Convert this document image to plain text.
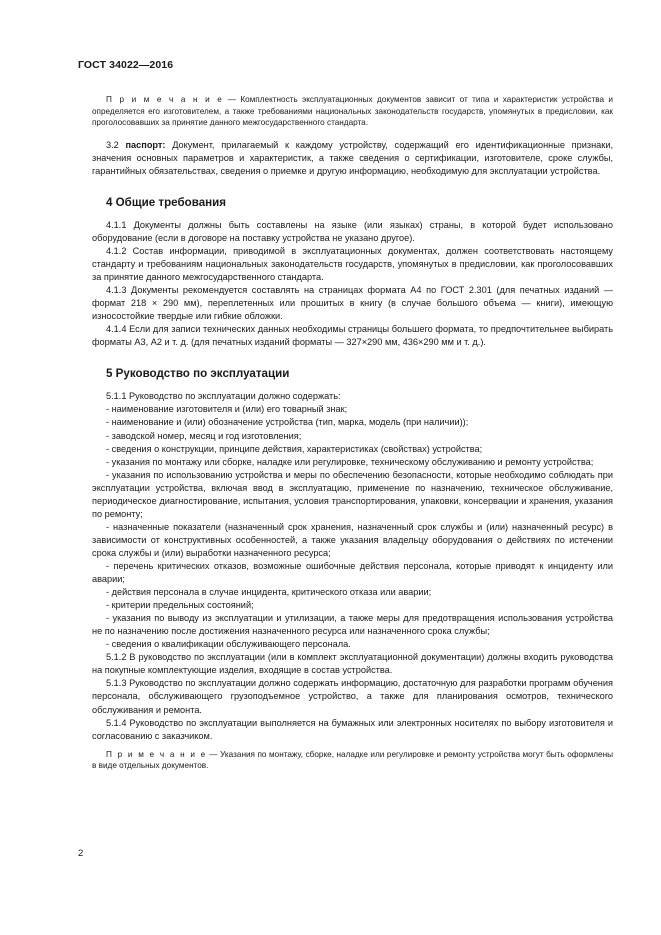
ГОСТ 34022—2016

П р и м е ч а н и е — Комплектность эксплуатационных документов зависит от типа и характеристик устройства и определяется его изготовителем, а также требованиями национальных законодательств государств, упомянутых в предисловии, как проголосовавших за принятие данного межгосударственного стандарта.

3.2 паспорт: Документ, прилагаемый к каждому устройству, содержащий его идентификационные признаки, значения основных параметров и характеристик, а также сведения о сертификации, изготовителе, сроке службы, гарантийных обязательствах, сведения о приемке и другую информацию, необходимую для эксплуатации устройства.

4 Общие требования

4.1.1 Документы должны быть составлены на языке (или языках) страны, в которой будет использовано оборудование (если в договоре на поставку устройства не указано другое).

4.1.2 Состав информации, приводимой в эксплуатационных документах, должен соответствовать настоящему стандарту и требованиям национальных законодательств государств, упомянутых в предисловии, как проголосовавших за принятие данного межгосударственного стандарта.

4.1.3 Документы рекомендуется составлять на страницах формата А4 по ГОСТ 2.301 (для печатных изданий — формат 218 × 290 мм), переплетенных или прошитых в книгу (в случае большого объема — книги), имеющую износостойкие твердые или гибкие обложки.

4.1.4 Если для записи технических данных необходимы страницы большего формата, то предпочтительнее выбирать форматы А3, А2 и т. д. (для печатных изданий форматы — 327×290 мм, 436×290 мм и т. д.).

5 Руководство по эксплуатации

5.1.1 Руководство по эксплуатации должно содержать:

- наименование изготовителя и (или) его товарный знак;

- наименование и (или) обозначение устройства (тип, марка, модель (при наличии));

- заводской номер, месяц и год изготовления;

- сведения о конструкции, принципе действия, характеристиках (свойствах) устройства;

- указания по монтажу или сборке, наладке или регулировке, техническому обслуживанию и ремонту устройства;

- указания по использованию устройства и меры по обеспечению безопасности, которые необходимо соблюдать при эксплуатации устройства, включая ввод в эксплуатацию, применение по назначению, техническое обслуживание, периодическое диагностирование, испытания, условия транспортирования, упаковки, консервации и хранения, указания по ремонту;

- назначенные показатели (назначенный срок хранения, назначенный срок службы и (или) назначенный ресурс) в зависимости от конструктивных особенностей, а также указания владельцу оборудования о действиях по истечении срока службы и (или) выработки назначенного ресурса;

- перечень критических отказов, возможные ошибочные действия персонала, которые приводят к инциденту или аварии;

- действия персонала в случае инцидента, критического отказа или аварии;

- критерии предельных состояний;

- указания по выводу из эксплуатации и утилизации, а также меры для предотвращения использования устройства не по назначению после достижения назначенного ресурса или назначенного срока службы;

- сведения о квалификации обслуживающего персонала.

5.1.2 В руководство по эксплуатации (или в комплект эксплуатационной документации) должны входить руководства на покупные комплектующие изделия, входящие в состав устройства.

5.1.3 Руководство по эксплуатации должно содержать информацию, достаточную для разработки программ обучения персонала, обслуживающего грузоподъемное устройство, а также для планирования осмотров, технического обслуживания и ремонта.

5.1.4 Руководство по эксплуатации выполняется на бумажных или электронных носителях по выбору изготовителя и согласованию с заказчиком.

П р и м е ч а н и е — Указания по монтажу, сборке, наладке или регулировке и ремонту устройства могут быть оформлены в виде отдельных документов.

2
